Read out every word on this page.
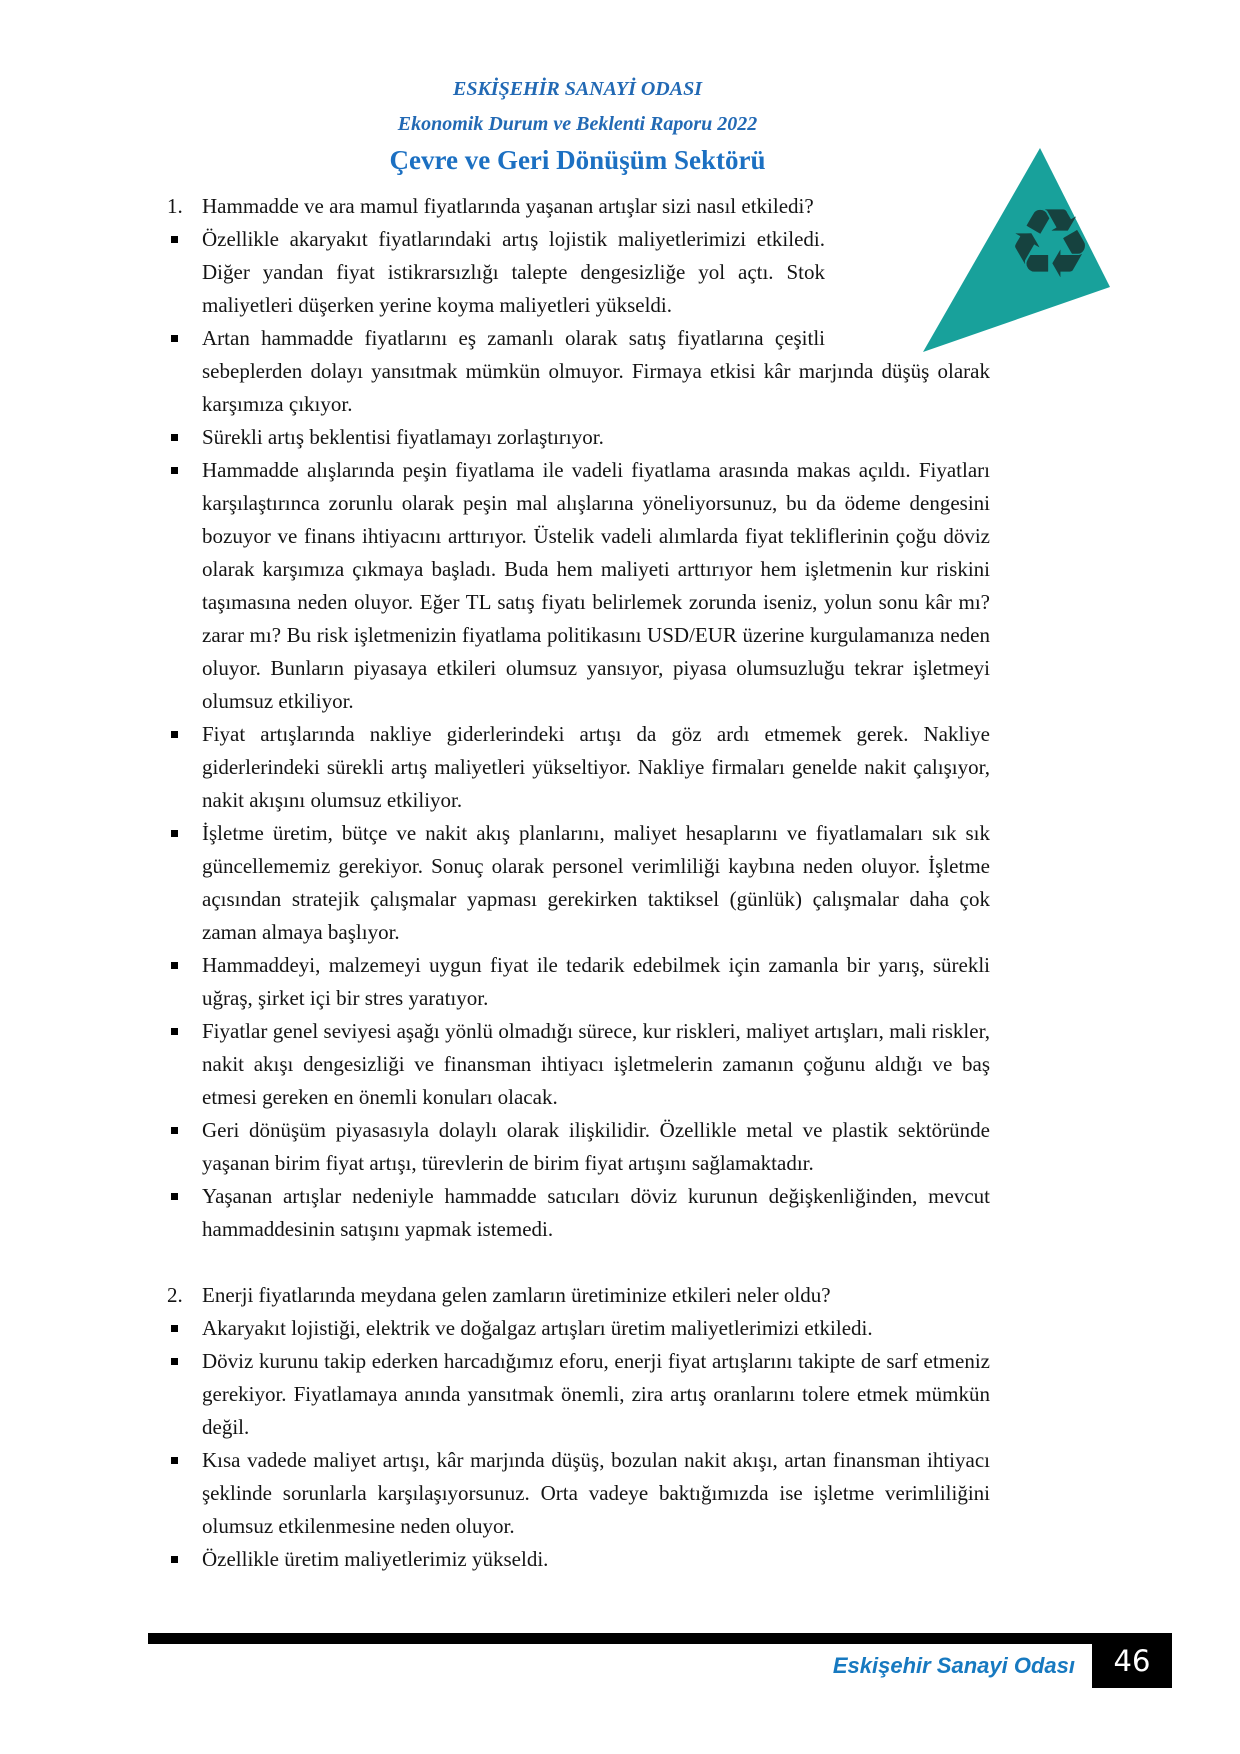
ESKİŞEHİR SANAYİ ODASI
Ekonomik Durum ve Beklenti Raporu 2022
Çevre ve Geri Dönüşüm Sektörü
♻
1. Hammadde ve ara mamul fiyatlarında yaşanan artışlar sizi nasıl etkiledi?
Özellikle akaryakıt fiyatlarındaki artış lojistik maliyetlerimizi etkiledi. Diğer yandan fiyat istikrarsızlığı talepte dengesizliğe yol açtı. Stok maliyetleri düşerken yerine koyma maliyetleri yükseldi.
Artan hammadde fiyatlarını eş zamanlı olarak satış fiyatlarına çeşitli sebeplerden dolayı yansıtmak mümkün olmuyor. Firmaya etkisi kâr marjında düşüş olarak karşımıza çıkıyor.
Sürekli artış beklentisi fiyatlamayı zorlaştırıyor.
Hammadde alışlarında peşin fiyatlama ile vadeli fiyatlama arasında makas açıldı. Fiyatları karşılaştırınca zorunlu olarak peşin mal alışlarına yöneliyorsunuz, bu da ödeme dengesini bozuyor ve finans ihtiyacını arttırıyor. Üstelik vadeli alımlarda fiyat tekliflerinin çoğu döviz olarak karşımıza çıkmaya başladı. Buda hem maliyeti arttırıyor hem işletmenin kur riskini taşımasına neden oluyor. Eğer TL satış fiyatı belirlemek zorunda iseniz, yolun sonu kâr mı? zarar mı? Bu risk işletmenizin fiyatlama politikasını USD/EUR üzerine kurgulamanıza neden oluyor. Bunların piyasaya etkileri olumsuz yansıyor, piyasa olumsuzluğu tekrar işletmeyi olumsuz etkiliyor.
Fiyat artışlarında nakliye giderlerindeki artışı da göz ardı etmemek gerek. Nakliye giderlerindeki sürekli artış maliyetleri yükseltiyor. Nakliye firmaları genelde nakit çalışıyor, nakit akışını olumsuz etkiliyor.
İşletme üretim, bütçe ve nakit akış planlarını, maliyet hesaplarını ve fiyatlamaları sık sık güncellememiz gerekiyor. Sonuç olarak personel verimliliği kaybına neden oluyor. İşletme açısından stratejik çalışmalar yapması gerekirken taktiksel (günlük) çalışmalar daha çok zaman almaya başlıyor.
Hammaddeyi, malzemeyi uygun fiyat ile tedarik edebilmek için zamanla bir yarış, sürekli uğraş, şirket içi bir stres yaratıyor.
Fiyatlar genel seviyesi aşağı yönlü olmadığı sürece, kur riskleri, maliyet artışları, mali riskler, nakit akışı dengesizliği ve finansman ihtiyacı işletmelerin zamanın çoğunu aldığı ve baş etmesi gereken en önemli konuları olacak.
Geri dönüşüm piyasasıyla dolaylı olarak ilişkilidir. Özellikle metal ve plastik sektöründe yaşanan birim fiyat artışı, türevlerin de birim fiyat artışını sağlamaktadır.
Yaşanan artışlar nedeniyle hammadde satıcıları döviz kurunun değişkenliğinden, mevcut hammaddesinin satışını yapmak istemedi.
2. Enerji fiyatlarında meydana gelen zamların üretiminize etkileri neler oldu?
Akaryakıt lojistiği, elektrik ve doğalgaz artışları üretim maliyetlerimizi etkiledi.
Döviz kurunu takip ederken harcadığımız eforu, enerji fiyat artışlarını takipte de sarf etmeniz gerekiyor. Fiyatlamaya anında yansıtmak önemli, zira artış oranlarını tolere etmek mümkün değil.
Kısa vadede maliyet artışı, kâr marjında düşüş, bozulan nakit akışı, artan finansman ihtiyacı şeklinde sorunlarla karşılaşıyorsunuz. Orta vadeye baktığımızda ise işletme verimliliğini olumsuz etkilenmesine neden oluyor.
Özellikle üretim maliyetlerimiz yükseldi.
Eskişehir Sanayi Odası 46
